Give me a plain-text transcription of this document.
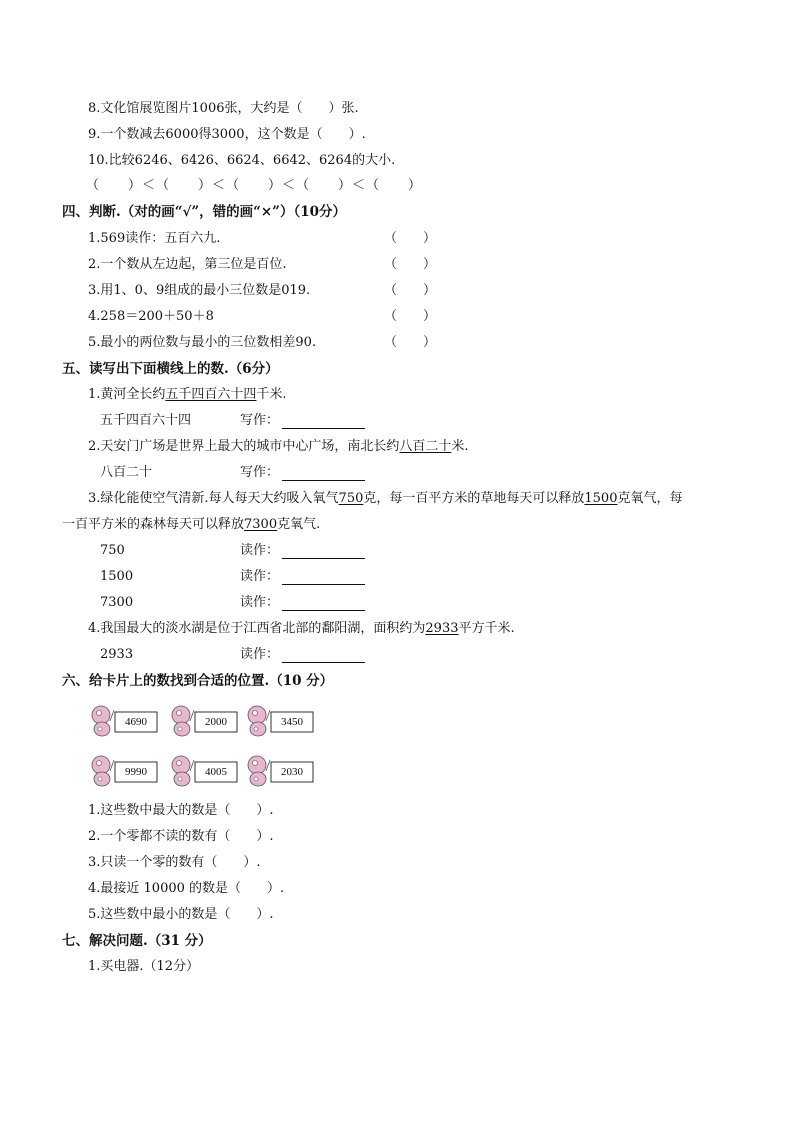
8.文化馆展览图片1006张，大约是（　　）张.
9.一个数减去6000得3000，这个数是（　　）.
10.比较6246、6426、6624、6642、6264的大小.
（　　）＜（　　）＜（　　）＜（　　）＜（　　）
四、判断.（对的画“√”，错的画“×”）（10分）
1.569读作：五百六九.	（　　）
2.一个数从左边起，第三位是百位.	（　　）
3.用1、0、9组成的最小三位数是019.	（　　）
4.258＝200＋50＋8	（　　）
5.最小的两位数与最小的三位数相差90.	（　　）
五、读写出下面横线上的数.（6分）
1.黄河全长约五千四百六十四千米.
五千四百六十四	写作：
2.天安门广场是世界上最大的城市中心广场，南北长约八百二十米.
八百二十	写作：
3.绿化能使空气清新.每人每天大约吸入氧气750克，每一百平方米的草地每天可以释放1500克氧气，每
一百平方米的森林每天可以释放7300克氧气.
750	读作：
1500	读作：
7300	读作：
4.我国最大的淡水湖是位于江西省北部的鄱阳湖，面积约为2933平方千米.
2933	读作：
六、给卡片上的数找到合适的位置.（10 分）
4690	2000	3450
9990	4005	2030
1.这些数中最大的数是（　　）.
2.一个零都不读的数有（　　）.
3.只读一个零的数有（　　）.
4.最接近 10000 的数是（　　）.
5.这些数中最小的数是（　　）.
七、解决问题.（31 分）
1.买电器.（12分）
